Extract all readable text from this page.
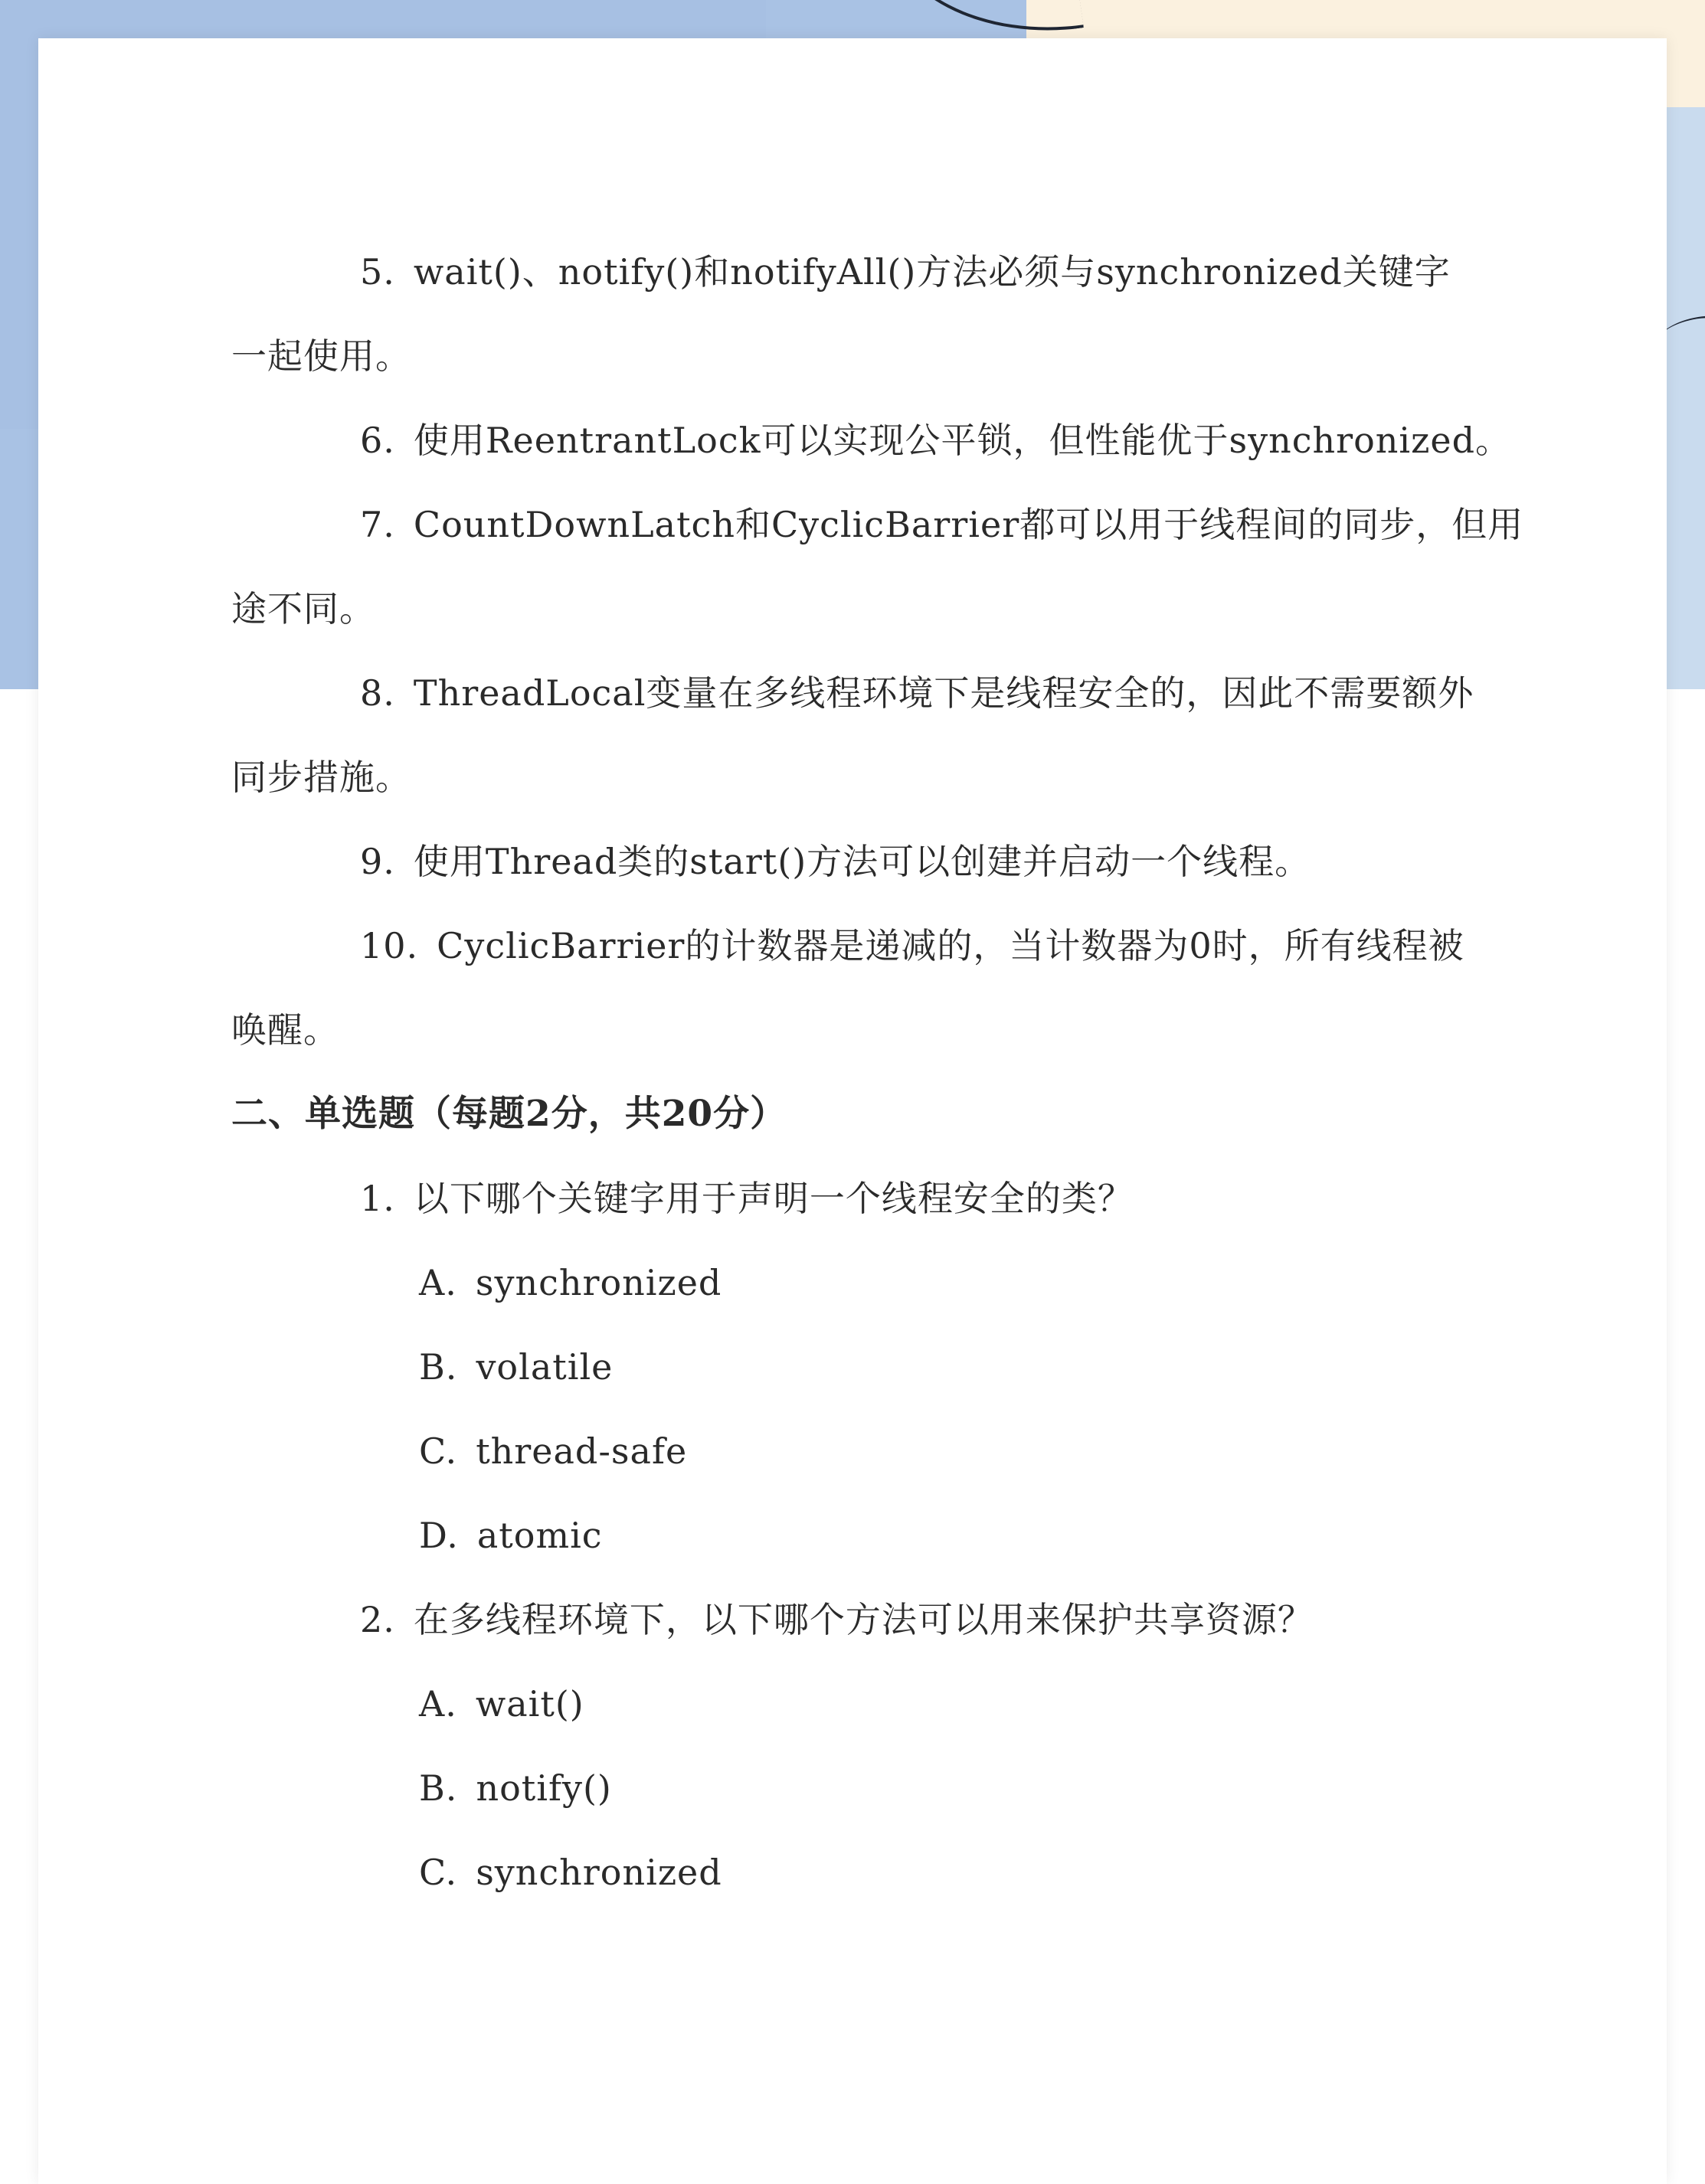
5. wait()、notify()和notifyAll()方法必须与synchronized关键字
一起使用。
6. 使用ReentrantLock可以实现公平锁，但性能优于synchronized。
7. CountDownLatch和CyclicBarrier都可以用于线程间的同步，但用
途不同。
8. ThreadLocal变量在多线程环境下是线程安全的，因此不需要额外
同步措施。
9. 使用Thread类的start()方法可以创建并启动一个线程。
10. CyclicBarrier的计数器是递减的，当计数器为0时，所有线程被
唤醒。
二、单选题（每题2分，共20分）
1. 以下哪个关键字用于声明一个线程安全的类？
A. synchronized
B. volatile
C. thread-safe
D. atomic
2. 在多线程环境下，以下哪个方法可以用来保护共享资源？
A. wait()
B. notify()
C. synchronized
